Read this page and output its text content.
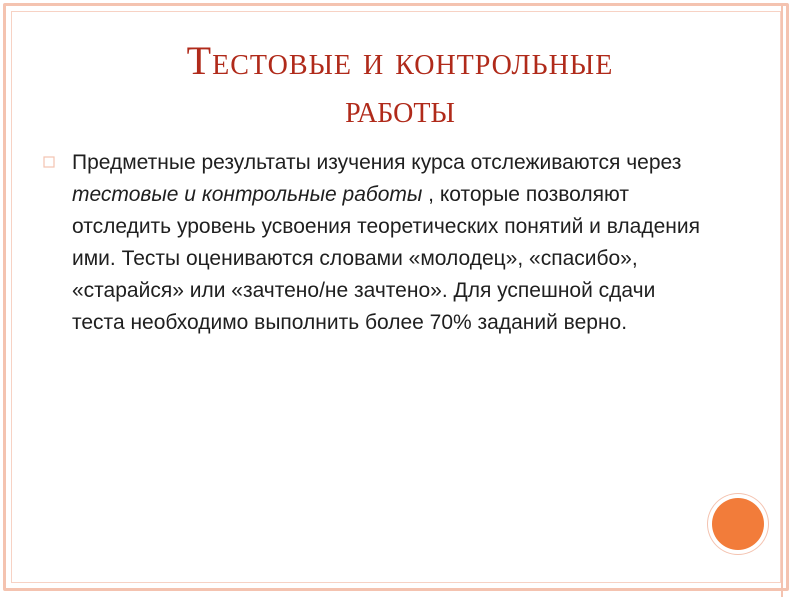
Тестовые и контрольные
работы

Предметные результаты изучения курса отслеживаются через тестовые и контрольные работы , которые позволяют отследить уровень усвоения теоретических понятий и владения ими. Тесты оцениваются словами «молодец», «спасибо», «старайся» или «зачтено/не зачтено». Для успешной сдачи теста необходимо выполнить более 70% заданий верно.
